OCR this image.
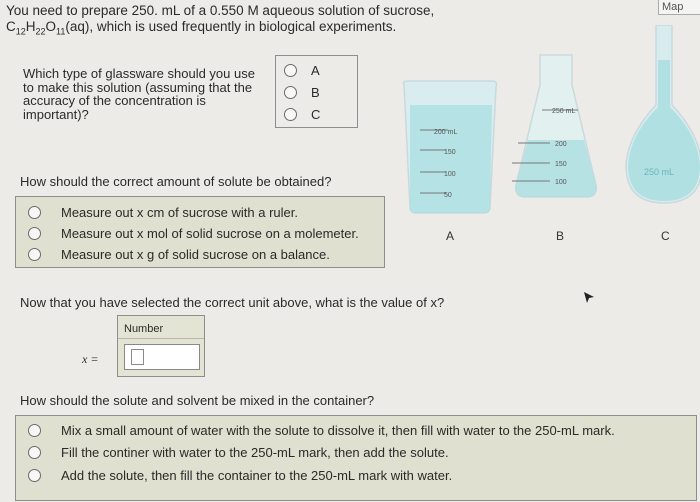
You need to prepare 250. mL of a 0.550 M aqueous solution of sucrose,
$C_{12}H_{22}O_{11}(aq)$, which is used frequently in biological experiments.
Map
Which type of glassware should you use to make this solution (assuming that the accuracy of the concentration is important)?
A
B
C
200 mL
150
100
50
250 mL
200
150
100
250 mL
A	B	C
How should the correct amount of solute be obtained?
Measure out x cm of sucrose with a ruler.
Measure out x mol of solid sucrose on a molemeter.
Measure out x g of solid sucrose on a balance.
Now that you have selected the correct unit above, what is the value of x?
x =
Number
How should the solute and solvent be mixed in the container?
Mix a small amount of water with the solute to dissolve it, then fill with water to the 250-mL mark.
Fill the continer with water to the 250-mL mark, then add the solute.
Add the solute, then fill the container to the 250-mL mark with water.
